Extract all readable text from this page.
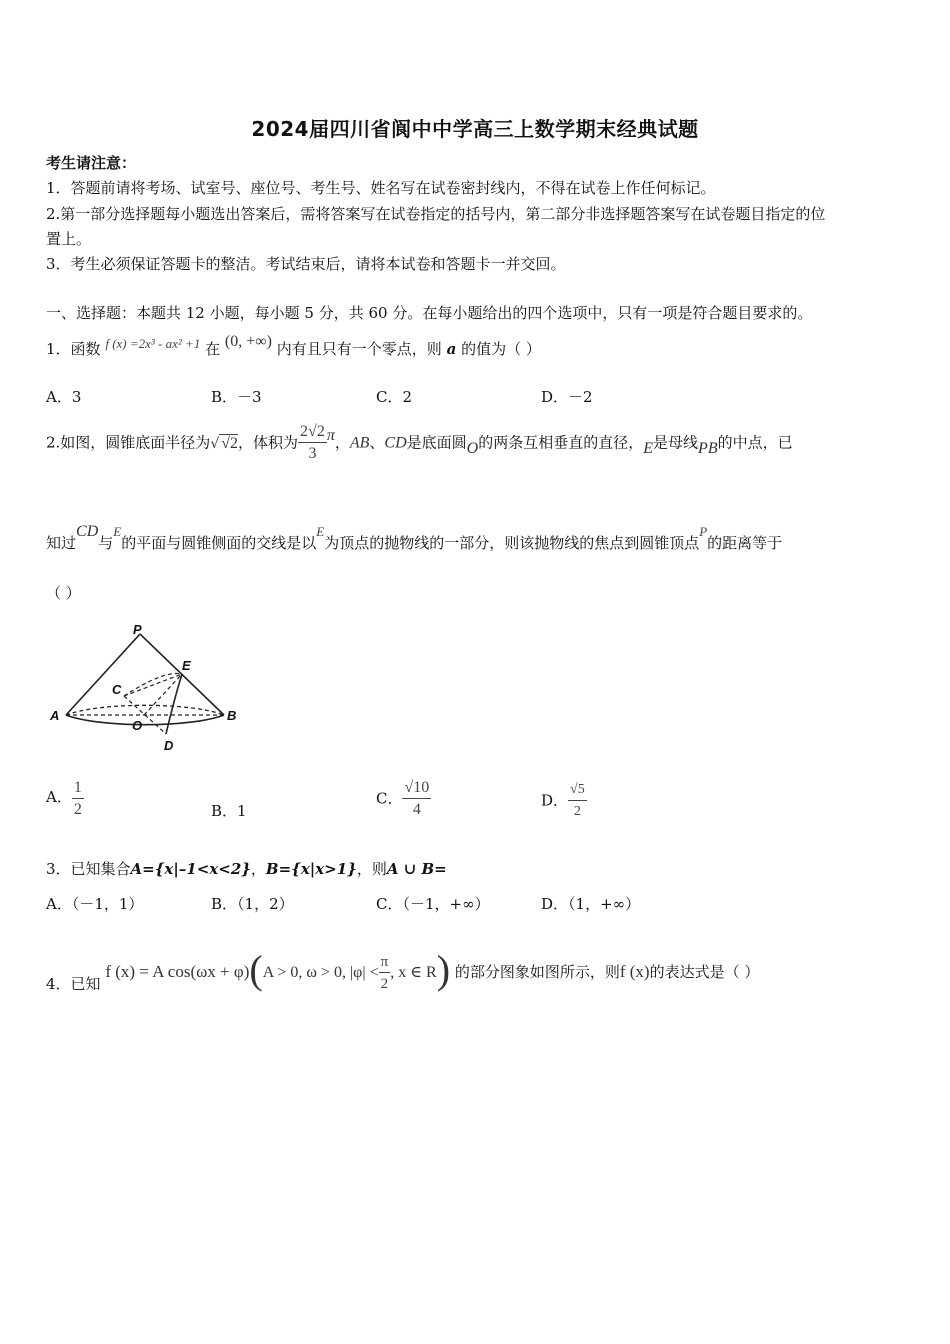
2024届四川省阆中中学高三上数学期末经典试题
考生请注意：
1．答题前请将考场、试室号、座位号、考生号、姓名写在试卷密封线内，不得在试卷上作任何标记。
2.第一部分选择题每小题选出答案后，需将答案写在试卷指定的括号内，第二部分非选择题答案写在试卷题目指定的位
置上。
3．考生必须保证答题卡的整洁。考试结束后，请将本试卷和答题卡一并交回。
一、选择题：本题共 12 小题，每小题 5 分，共 60 分。在每小题给出的四个选项中，只有一项是符合题目要求的。
1．函数 f (x) =2x³ - ax² +1 在 (0, +∞) 内有且只有一个零点，则 a 的值为（ ）
A．3	B．－3	C．2	D．－2
2.如图，圆锥底面半径为√ √2，体积为 $\frac{2√2}{3}$ π，AB、CD是底面圆O的两条互相垂直的直径，E是母线PB的中点，已
知过CD与E的平面与圆锥侧面的交线是以E为顶点的抛物线的一部分，则该抛物线的焦点到圆锥顶点P的距离等于
（ ）
P
E
C
A	B
O
D
A． $\frac{1}{2}$	B．1
C． $\frac{√10}{4}$	D． $\frac{√5}{2}$
3．已知集合A={x|–1<x<2}，B={x|x>1}，则A ∪ B=
A．（－1，1）	B．（1，2）	C．（－1，+∞）	D．（1，+∞）
4．已知 f (x) = A cos(ωx + φ)(A > 0, ω > 0, $|\varphi| < \frac{\pi}{2}$ , x ∈ R) 的部分图象如图所示，则f (x)的表达式是（ ）
